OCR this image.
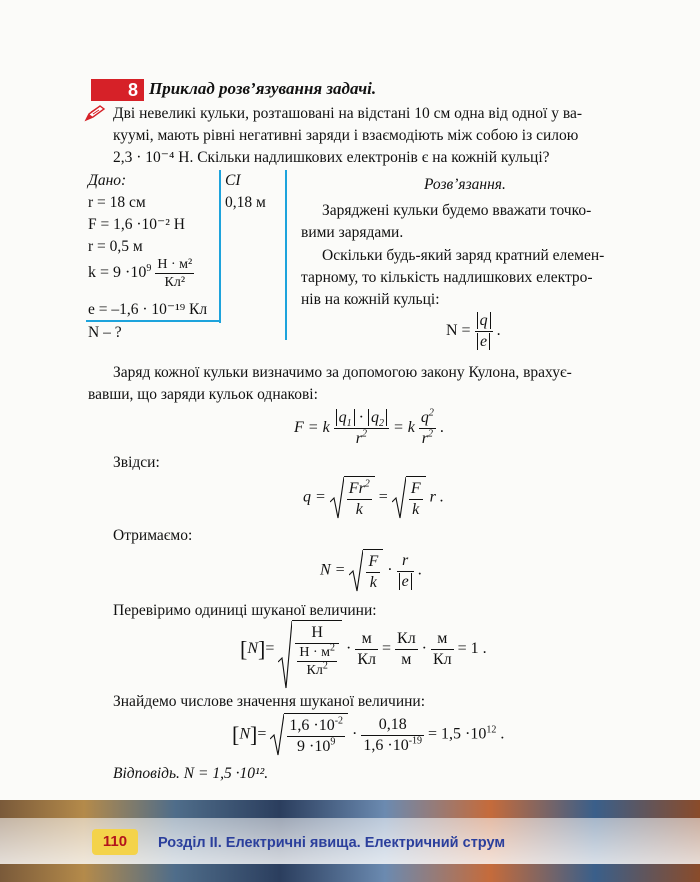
8 Приклад розв’язування задачі.
Дві невеликі кульки, розташовані на відстані 10 см одна від одної у ва-
куумі, мають рівні негативні заряди і взаємодіють між собою із силою
2,3 · 10⁻⁴ Н. Скільки надлишкових електронів є на кожній кульці?
Дано:	CI
r = 18 см	0,18 м
F = 1,6 ·10⁻² Н
r = 0,5 м
$k = 9 \cdot 10^9 \frac{\text{Н · м²}}{\text{Кл²}}$
e = –1,6 · 10⁻¹⁹ Кл
N – ?
Розв’язання.
Заряджені кульки будемо вважати точко-
вими зарядами.
Оскільки будь-який заряд кратний елемен-
тарному, то кількість надлишкових електро-
нів на кожній кульці:
$N = \frac{q}{e}$ .
Заряд кожної кульки визначимо за допомогою закону Кулона, врахує-
вавши, що заряди кульок однакові:
F = k $\frac{q_1 \cdot q_2}{r^2} = k \frac{q^2}{r^2}$ .
Звідси:
$q = \frac{Fr^2}{k} = \frac{F}{k}$ r .
Отримаємо:
$N = \frac{F}{k} \cdot \frac{r}{e}$ .
Перевіримо одиниці шуканої величини:
$[N]= \frac{Н}{\frac{Н \cdot м^2}{Кл^2}} \cdot \frac{м}{Кл} = \frac{Кл}{м} \cdot \frac{м}{Кл} = 1$ .
Знайдемо числове значення шуканої величини:
$[N]= \frac{1,6 \cdot 10^{-2}}{9 \cdot 10^9} \cdot \frac{0,18}{1,6 \cdot 10^{-19}} = 1,5 \cdot 10^{12}$ .
Відповідь. N = 1,5 ·10¹².
110	Розділ ІІ. Електричні явища. Електричний струм
